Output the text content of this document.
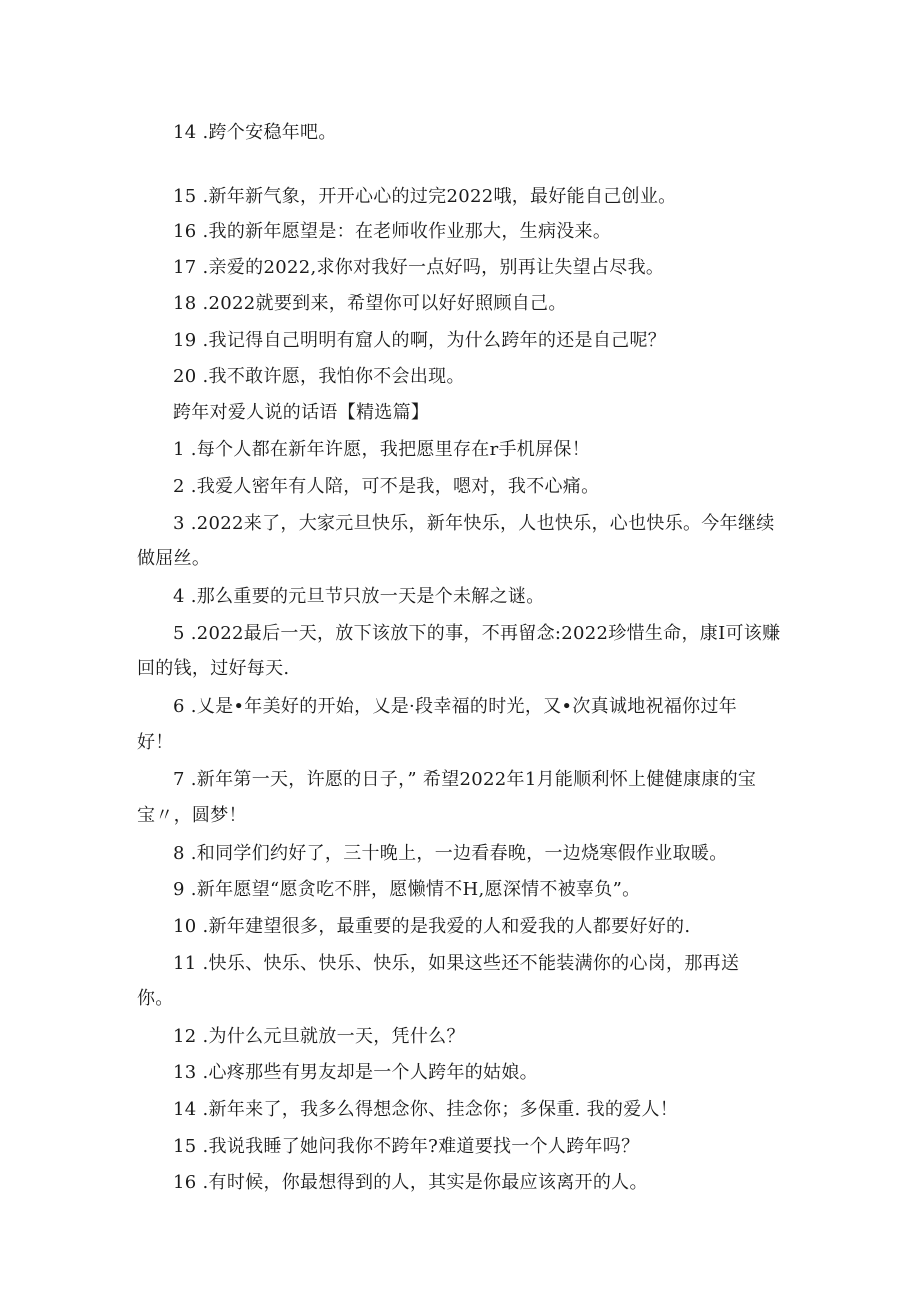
14 .跨个安稳年吧。
15 .新年新气象，开开心心的过完2022哦，最好能自己创业。
16 .我的新年愿望是：在老师收作业那大，生病没来。
17 .亲爱的2022,求你对我好一点好吗，别再让失望占尽我。
18 .2022就要到来，希望你可以好好照顾自己。
19 .我记得自己明明有窟人的啊，为什么跨年的还是自己呢？
20 .我不敢许愿，我怕你不会出现。
跨年对爱人说的话语【精选篇】
1 .每个人都在新年许愿，我把愿里存在r手机屏保！
2 .我爱人密年有人陪，可不是我，嗯对，我不心痛。
3 .2022来了，大家元旦快乐，新年快乐，人也快乐，心也快乐。今年继续
做屈丝。
4 .那么重要的元旦节只放一天是个未解之谜。
5 .2022最后一天，放下该放下的事，不再留念:2022珍惜生命，康I可该赚
回的钱，过好每天.
6 .乂是•年美好的开始，乂是·段幸福的时光，又•次真诚地祝福你过年
好！
7 .新年第一天，许愿的日子，” 希望2022年1月能顺利怀上健健康康的宝
宝〃，圆梦！
8 .和同学们约好了，三十晚上，一边看春晚，一边烧寒假作业取暖。
9 .新年愿望“愿贪吃不胖，愿懒情不H,愿深情不被辜负”。
10 .新年建望很多，最重要的是我爱的人和爱我的人都要好好的.
11 .快乐、快乐、快乐、快乐，如果这些还不能装满你的心岗，那再送
你。
12 .为什么元旦就放一天，凭什么？
13 .心疼那些有男友却是一个人跨年的姑娘。
14 .新年来了，我多么得想念你、挂念你；多保重. 我的爱人！
15 .我说我睡了她问我你不跨年?难道要找一个人跨年吗？
16 .有时候，你最想得到的人，其实是你最应该离开的人。
